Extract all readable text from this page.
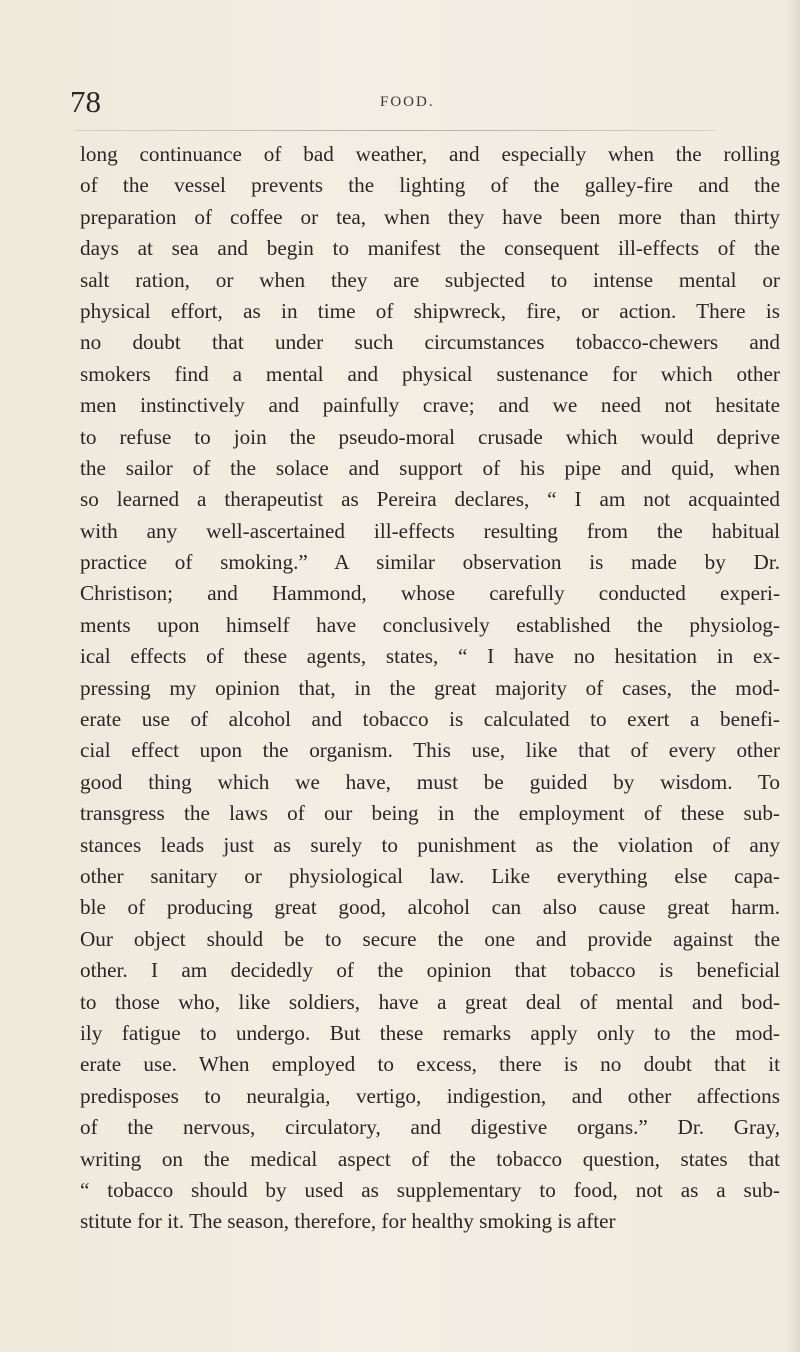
78	FOOD.
long continuance of bad weather, and especially when the rolling
of the vessel prevents the lighting of the galley-fire and the
preparation of coffee or tea, when they have been more than thirty
days at sea and begin to manifest the consequent ill-effects of the
salt ration, or when they are subjected to intense mental or
physical effort, as in time of shipwreck, fire, or action. There is
no doubt that under such circumstances tobacco-chewers and
smokers find a mental and physical sustenance for which other
men instinctively and painfully crave; and we need not hesitate
to refuse to join the pseudo-moral crusade which would deprive
the sailor of the solace and support of his pipe and quid, when
so learned a therapeutist as Pereira declares, “ I am not acquainted
with any well-ascertained ill-effects resulting from the habitual
practice of smoking.” A similar observation is made by Dr.
Christison; and Hammond, whose carefully conducted experi-
ments upon himself have conclusively established the physiolog-
ical effects of these agents, states, “ I have no hesitation in ex-
pressing my opinion that, in the great majority of cases, the mod-
erate use of alcohol and tobacco is calculated to exert a benefi-
cial effect upon the organism. This use, like that of every other
good thing which we have, must be guided by wisdom. To
transgress the laws of our being in the employment of these sub-
stances leads just as surely to punishment as the violation of any
other sanitary or physiological law. Like everything else capa-
ble of producing great good, alcohol can also cause great harm.
Our object should be to secure the one and provide against the
other. I am decidedly of the opinion that tobacco is beneficial
to those who, like soldiers, have a great deal of mental and bod-
ily fatigue to undergo. But these remarks apply only to the mod-
erate use. When employed to excess, there is no doubt that it
predisposes to neuralgia, vertigo, indigestion, and other affections
of the nervous, circulatory, and digestive organs.” Dr. Gray,
writing on the medical aspect of the tobacco question, states that
“ tobacco should by used as supplementary to food, not as a sub-
stitute for it. The season, therefore, for healthy smoking is after
